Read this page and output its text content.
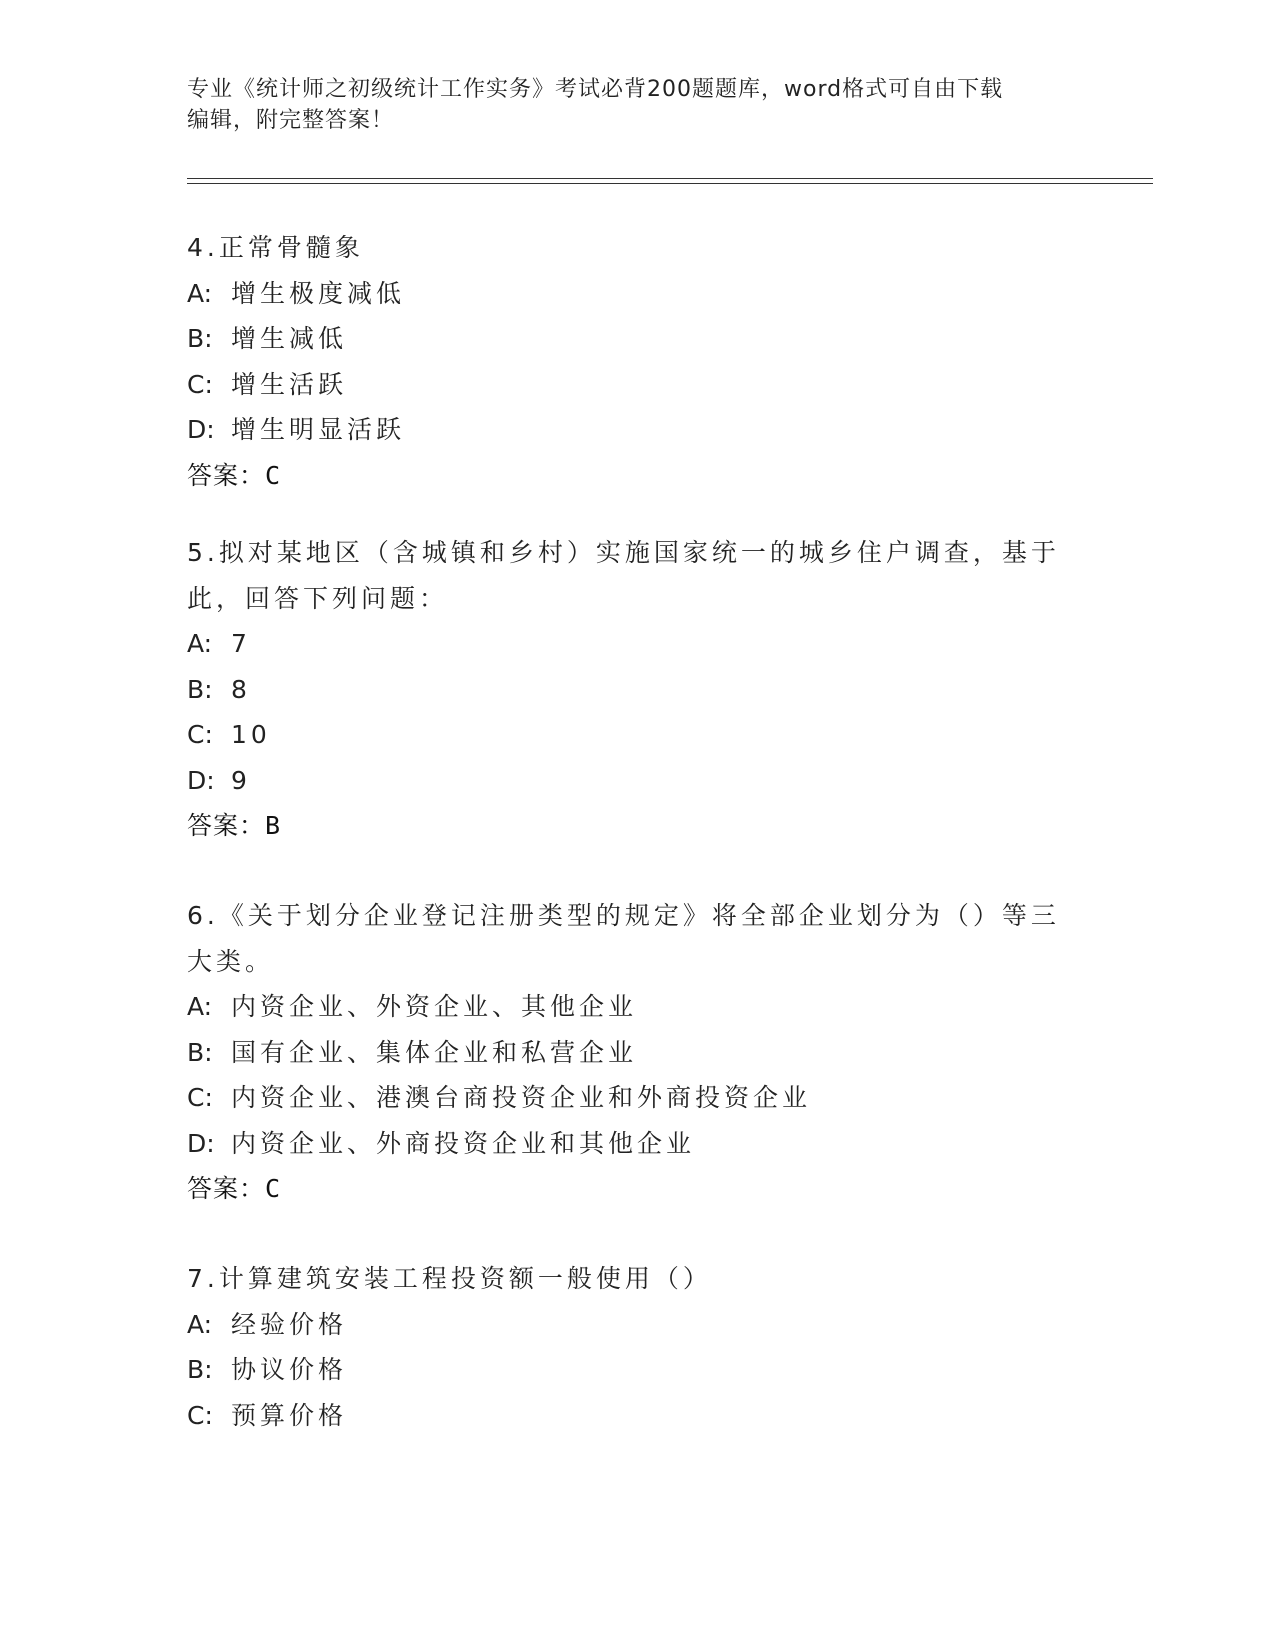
专业《统计师之初级统计工作实务》考试必背200题题库，word格式可自由下载
编辑，附完整答案！
4.正常骨髓象
A: 增生极度减低
B: 增生减低
C: 增生活跃
D: 增生明显活跃
答案：C
5.拟对某地区（含城镇和乡村）实施国家统一的城乡住户调查，基于此，回答下列问题：
A: 7
B: 8
C: 10
D: 9
答案：B
6.《关于划分企业登记注册类型的规定》将全部企业划分为（）等三大类。
A: 内资企业、外资企业、其他企业
B: 国有企业、集体企业和私营企业
C: 内资企业、港澳台商投资企业和外商投资企业
D: 内资企业、外商投资企业和其他企业
答案：C
7.计算建筑安装工程投资额一般使用（）
A: 经验价格
B: 协议价格
C: 预算价格
